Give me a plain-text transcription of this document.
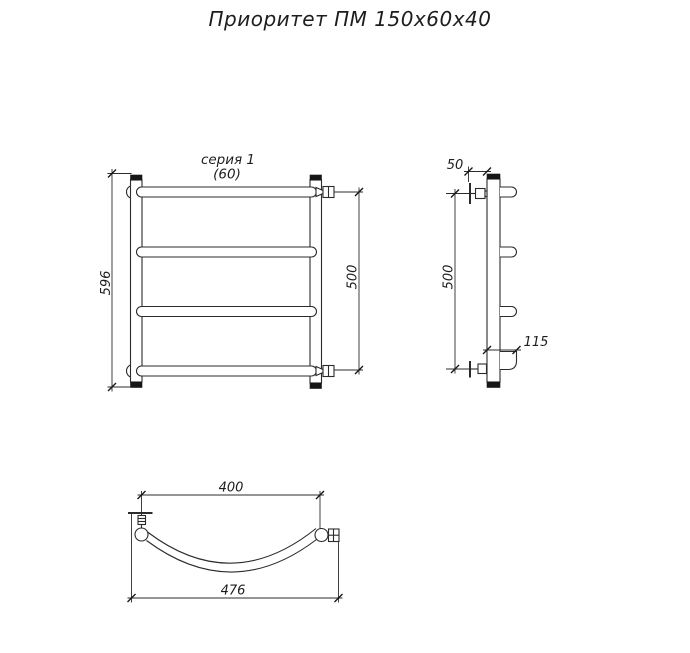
Приоритет ПМ 150х60х40
серия 1
(60)
596	500
50
500
115
400
476
